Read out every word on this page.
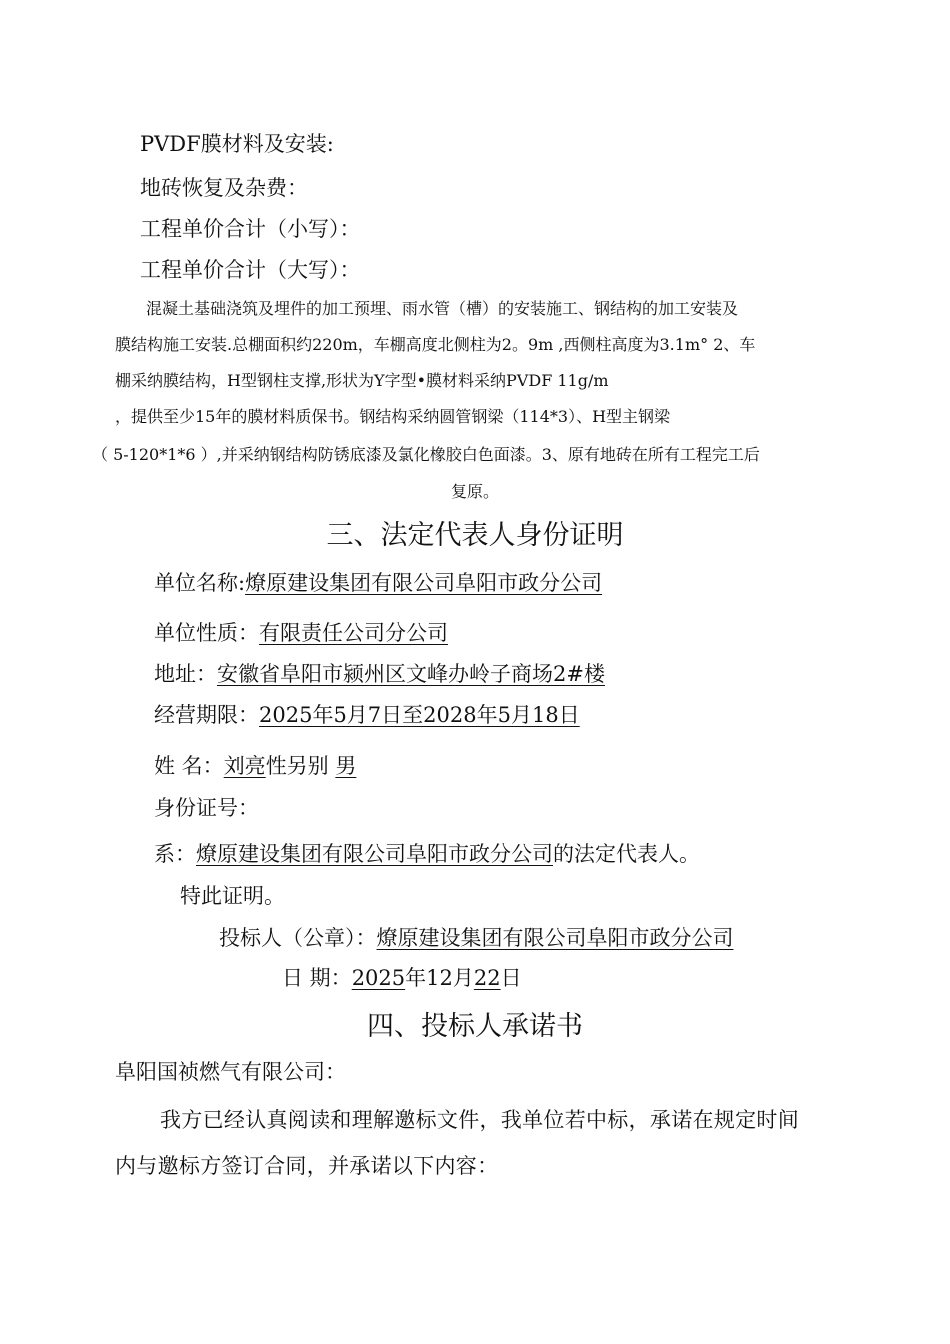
PVDF膜材料及安装:
地砖恢复及杂费：
工程单价合计（小写）：
工程单价合计（大写）：
混凝土基础浇筑及埋件的加工预埋、雨水管（槽）的安装施工、钢结构的加工安装及
膜结构施工安装.总棚面积约220m，车棚高度北侧柱为2。9m ,西侧柱高度为3.1m° 2、车
棚采纳膜结构，H型钢柱支撑,形状为Y字型•膜材料采纳PVDF 11g/m
，提供至少15年的膜材料质保书。钢结构采纳圆管钢梁（114*3）、H型主钢梁
（ 5-120*1*6 ）,并采纳钢结构防锈底漆及氯化橡胶白色面漆。3、原有地砖在所有工程完工后
复原。
三、法定代表人身份证明
单位名称:燎原建设集团有限公司阜阳市政分公司
单位性质：有限责任公司分公司
地址：安徽省阜阳市颍州区文峰办岭子商场2#楼
经营期限：2025年5月7日至2028年5月18日
姓 名：刘亮性另别 男
身份证号：
系：燎原建设集团有限公司阜阳市政分公司的法定代表人。
特此证明。
投标人（公章）：燎原建设集团有限公司阜阳市政分公司
日 期：2025年12月22日
四、投标人承诺书
阜阳国祯燃气有限公司：
我方已经认真阅读和理解邀标文件，我单位若中标，承诺在规定时间
内与邀标方签订合同，并承诺以下内容：
